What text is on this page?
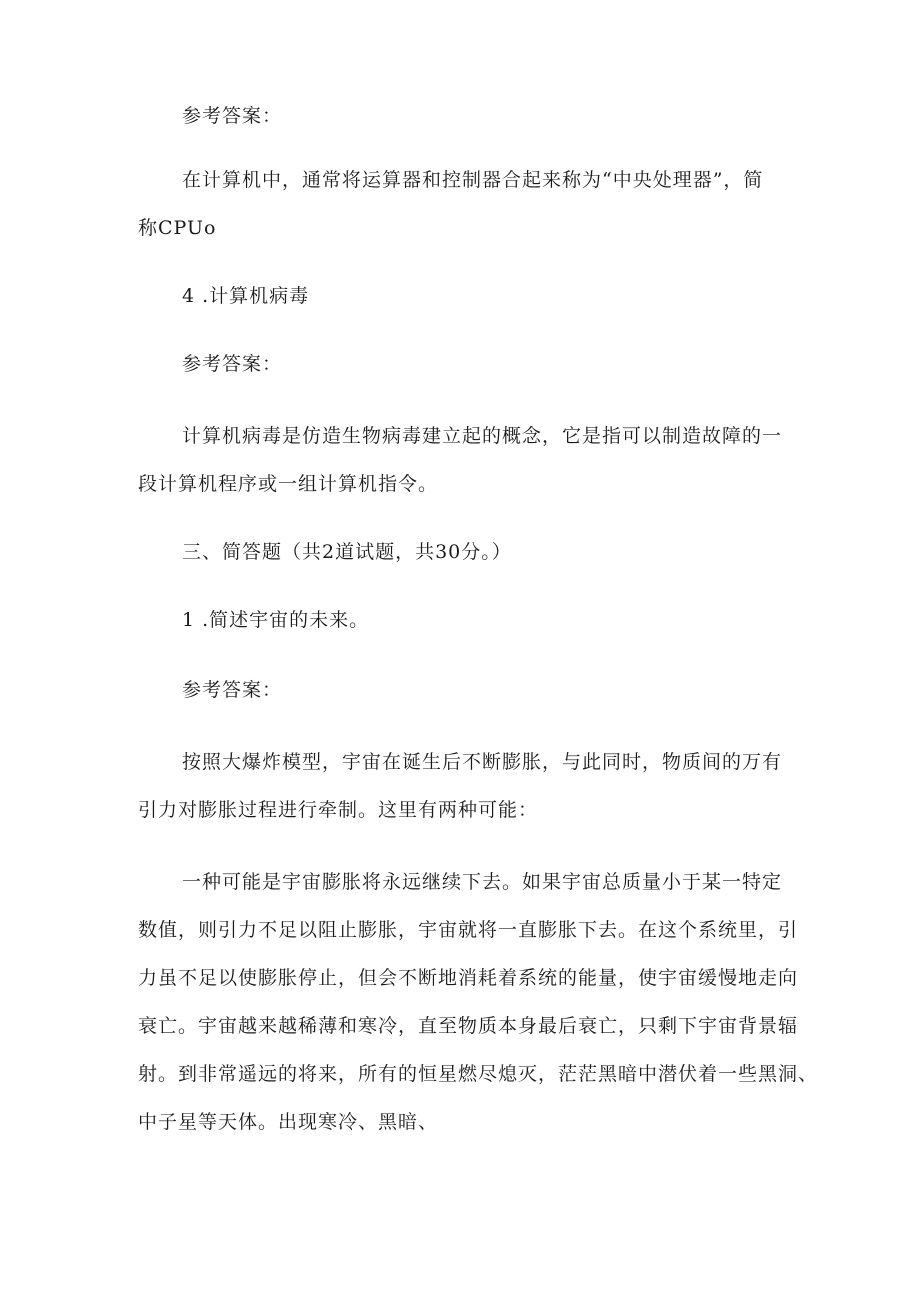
参考答案：
在计算机中，通常将运算器和控制器合起来称为“中央处理器”，简
称CPUo
4 .计算机病毒
参考答案：
计算机病毒是仿造生物病毒建立起的概念，它是指可以制造故障的一
段计算机程序或一组计算机指令。
三、简答题（共2道试题，共30分。）
1 .简述宇宙的未来。
参考答案：
按照大爆炸模型，宇宙在诞生后不断膨胀，与此同时，物质间的万有
引力对膨胀过程进行牵制。这里有两种可能：
一种可能是宇宙膨胀将永远继续下去。如果宇宙总质量小于某一特定
数值，则引力不足以阻止膨胀，宇宙就将一直膨胀下去。在这个系统里，引
力虽不足以使膨胀停止，但会不断地消耗着系统的能量，使宇宙缓慢地走向
衰亡。宇宙越来越稀薄和寒冷，直至物质本身最后衰亡，只剩下宇宙背景辐
射。到非常遥远的将来，所有的恒星燃尽熄灭，茫茫黑暗中潜伏着一些黑洞、
中子星等天体。出现寒冷、黑暗、
